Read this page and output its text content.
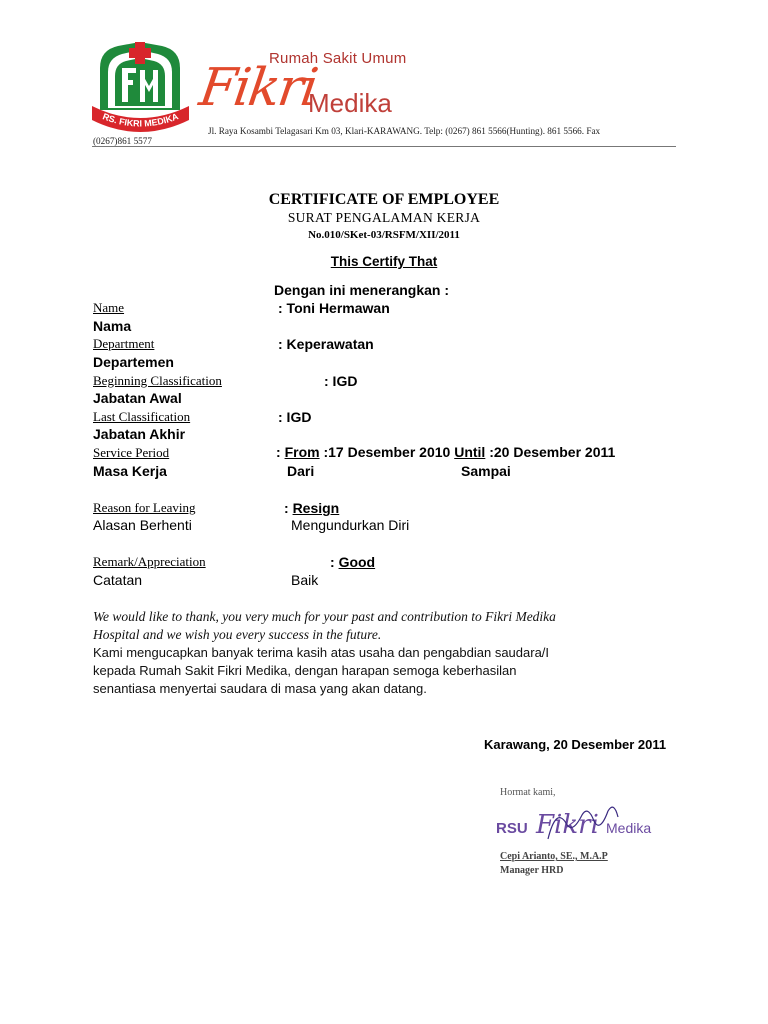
RS. FIKRI MEDIKA
Rumah Sakit Umum
Fikri
Medika
Jl. Raya Kosambi Telagasari Km 03, Klari-KARAWANG. Telp: (0267) 861 5566(Hunting). 861 5566. Fax
(0267)861 5577
CERTIFICATE OF EMPLOYEE
SURAT PENGALAMAN KERJA
No.010/SKet-03/RSFM/XII/2011
This Certify That
Dengan ini menerangkan :
Name	: Toni Hermawan
Nama
Department	: Keperawatan
Departemen
Beginning Classification	: IGD
Jabatan Awal
Last Classification	: IGD
Jabatan Akhir
Service Period	: From :17 Desember 2010 Until :20 Desember 2011
Masa Kerja	Dari	Sampai
Reason for Leaving	: Resign
Alasan Berhenti	Mengundurkan Diri
Remark/Appreciation	: Good
Catatan	Baik
We would like to thank, you very much for your past and contribution to Fikri Medika
Hospital and we wish you every success in the future.
Kami mengucapkan banyak terima kasih atas usaha dan pengabdian saudara/I
kepada Rumah Sakit Fikri Medika, dengan harapan semoga keberhasilan
senantiasa menyertai saudara di masa yang akan datang.
Karawang, 20 Desember 2011
Hormat kami,
RSU Fikri Medika
Cepi Arianto, SE., M.A.P
Manager HRD
